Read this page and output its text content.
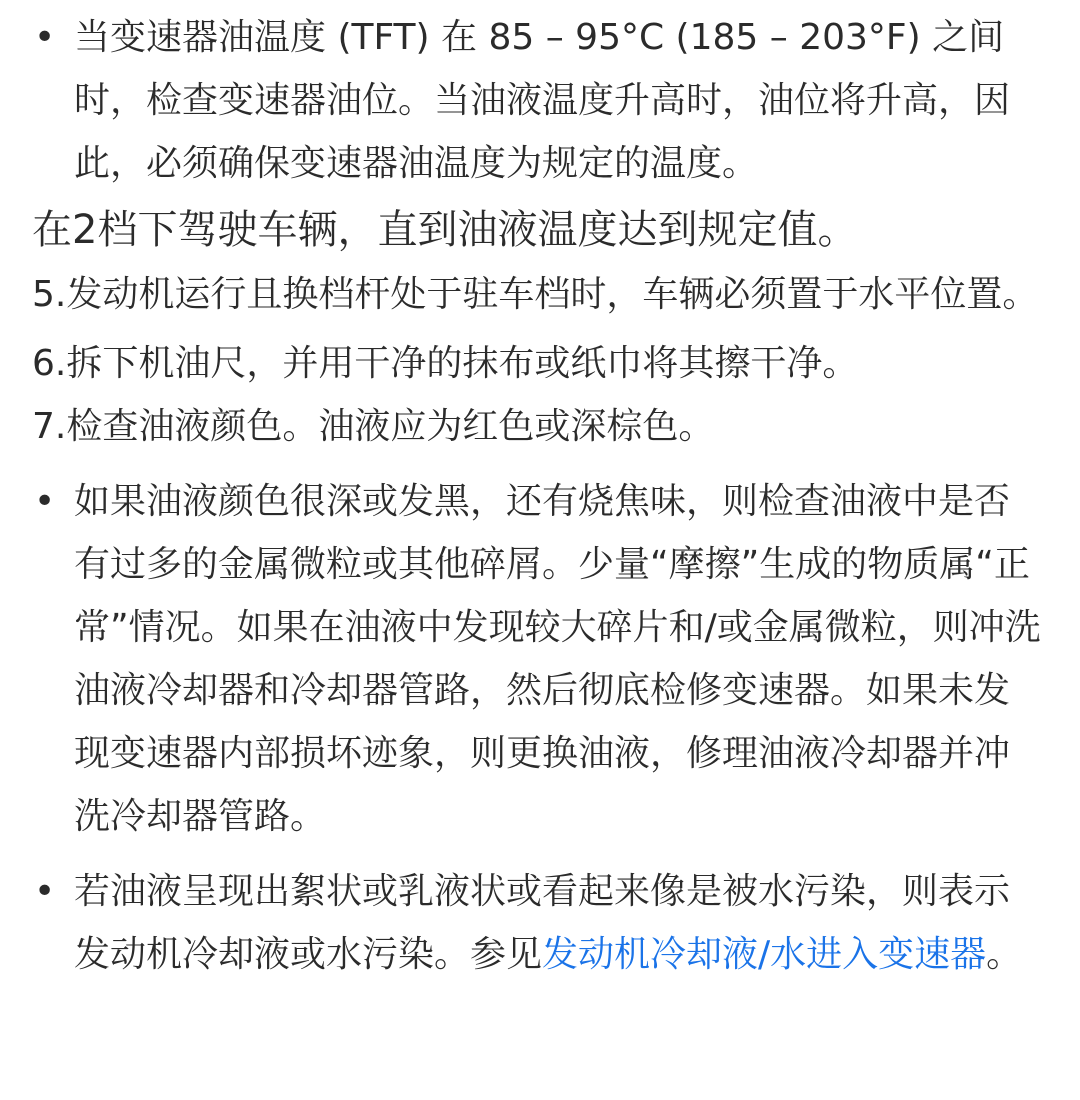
• 当变速器油温度 (TFT) 在 85 – 95°C (185 – 203°F) 之间时，检查变速器油位。当油液温度升高时，油位将升高，因此，必须确保变速器油温度为规定的温度。

在2档下驾驶车辆，直到油液温度达到规定值。

5.发动机运行且换档杆处于驻车档时，车辆必须置于水平位置。

6.拆下机油尺，并用干净的抹布或纸巾将其擦干净。

7.检查油液颜色。油液应为红色或深棕色。

• 如果油液颜色很深或发黑，还有烧焦味，则检查油液中是否有过多的金属微粒或其他碎屑。少量“摩擦”生成的物质属“正常”情况。如果在油液中发现较大碎片和/或金属微粒，则冲洗油液冷却器和冷却器管路，然后彻底检修变速器。如果未发现变速器内部损坏迹象，则更换油液，修理油液冷却器并冲洗冷却器管路。

• 若油液呈现出絮状或乳液状或看起来像是被水污染，则表示发动机冷却液或水污染。参见发动机冷却液/水进入变速器。
